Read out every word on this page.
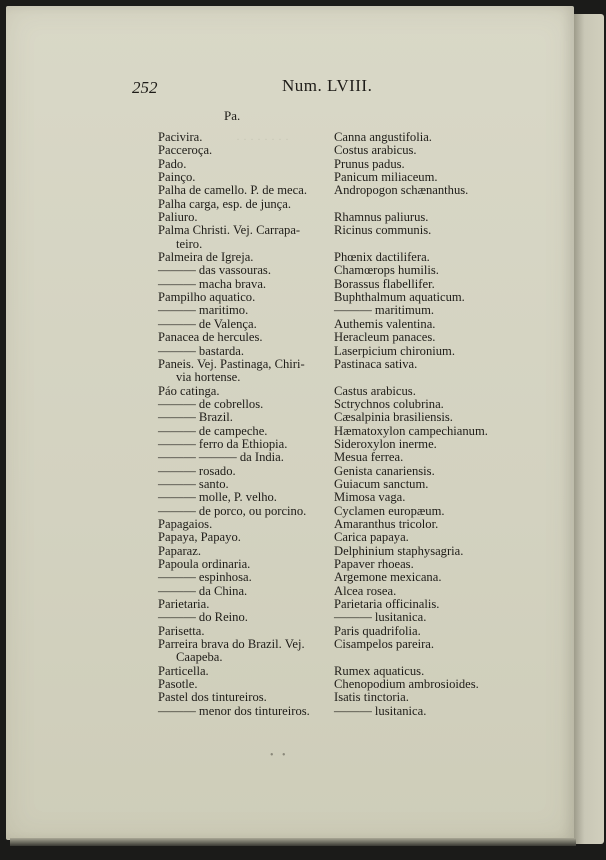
· · · · · · · ·
252	Num. LVIII.
Pa.
Pacivira.
Pacceroça.
Pado.
Painço.
Palha de camello. P. de meca.
Palha carga, esp. de junça.
Paliuro.
Palma Christi. Vej. Carrapa-
teiro.
Palmeira de Igreja.
——— das vassouras.
——— macha brava.
Pampilho aquatico.
——— maritimo.
——— de Valença.
Panacea de hercules.
——— bastarda.
Paneis. Vej. Pastinaga, Chiri-
via hortense.
Páo catinga.
——— de cobrellos.
——— Brazil.
——— de campeche.
——— ferro da Ethiopia.
——— ——— da India.
——— rosado.
——— santo.
——— molle, P. velho.
——— de porco, ou porcino.
Papagaios.
Papaya, Papayo.
Paparaz.
Papoula ordinaria.
——— espinhosa.
——— da China.
Parietaria.
——— do Reino.
Parisetta.
Parreira brava do Brazil. Vej.
Caapeba.
Particella.
Pasotle.
Pastel dos tintureiros.
——— menor dos tintureiros.
Canna angustifolia.
Costus arabicus.
Prunus padus.
Panicum miliaceum.
Andropogon schænanthus.
Rhamnus paliurus.
Ricinus communis.
Phœnix dactilifera.
Chamœrops humilis.
Borassus flabellifer.
Buphthalmum aquaticum.
——— maritimum.
Authemis valentina.
Heracleum panaces.
Laserpicium chironium.
Pastinaca sativa.
Castus arabicus.
Sctrychnos colubrina.
Cæsalpinia brasiliensis.
Hæmatoxylon campechianum.
Sideroxylon inerme.
Mesua ferrea.
Genista canariensis.
Guiacum sanctum.
Mimosa vaga.
Cyclamen europæum.
Amaranthus tricolor.
Carica papaya.
Delphinium staphysagria.
Papaver rhoeas.
Argemone mexicana.
Alcea rosea.
Parietaria officinalis.
——— lusitanica.
Paris quadrifolia.
Cisampelos pareira.
Rumex aquaticus.
Chenopodium ambrosioides.
Isatis tinctoria.
——— lusitanica.
• •
